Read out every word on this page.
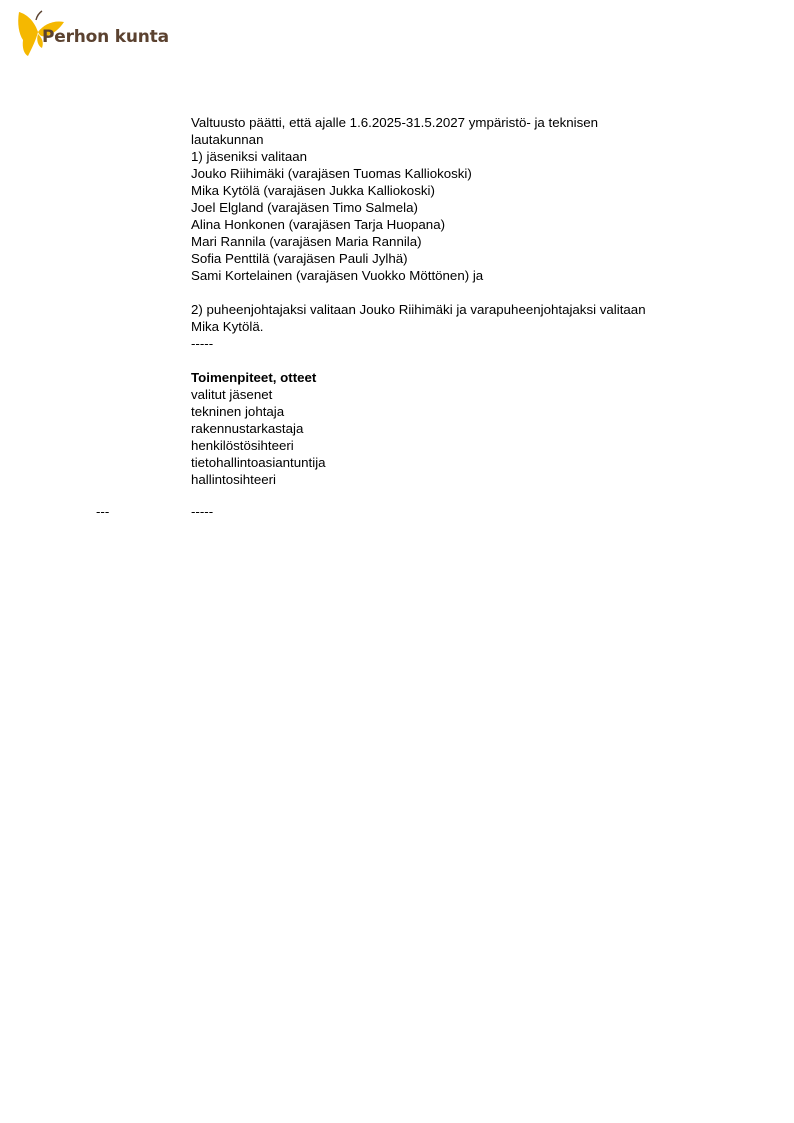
Perhon kunta
Valtuusto päätti, että ajalle 1.6.2025-31.5.2027 ympäristö- ja teknisen
lautakunnan
1) jäseniksi valitaan
Jouko Riihimäki (varajäsen Tuomas Kalliokoski)
Mika Kytölä (varajäsen Jukka Kalliokoski)
Joel Elgland (varajäsen Timo Salmela)
Alina Honkonen (varajäsen Tarja Huopana)
Mari Rannila (varajäsen Maria Rannila)
Sofia Penttilä (varajäsen Pauli Jylhä)
Sami Kortelainen (varajäsen Vuokko Möttönen) ja
2) puheenjohtajaksi valitaan Jouko Riihimäki ja varapuheenjohtajaksi valitaan
Mika Kytölä.
-----
Toimenpiteet, otteet
valitut jäsenet
tekninen johtaja
rakennustarkastaja
henkilöstösihteeri
tietohallintoasiantuntija
hallintosihteeri
---	-----
